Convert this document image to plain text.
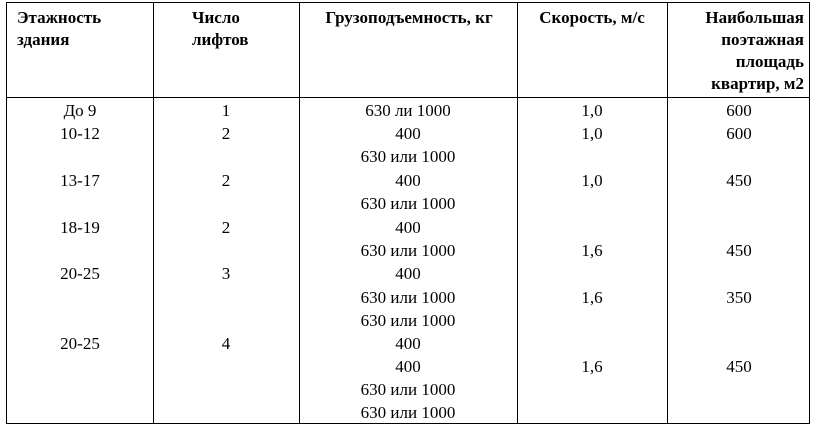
Этажность здания
Число лифтов
Грузоподъемность, кг	Скорость, м/с	Наибольшая поэтажная площадь квартир, м2
До 9
10-12
13-17
18-19
20-25
20-25
1
2
2
2
3
4
630 ли 1000
400
630 или 1000
400
630 или 1000
400
630 или 1000
400
630 или 1000
630 или 1000
400
400
630 или 1000
630 или 1000
1,0
1,0
1,0
1,6
1,6
1,6
600
600
450
450
350
450
